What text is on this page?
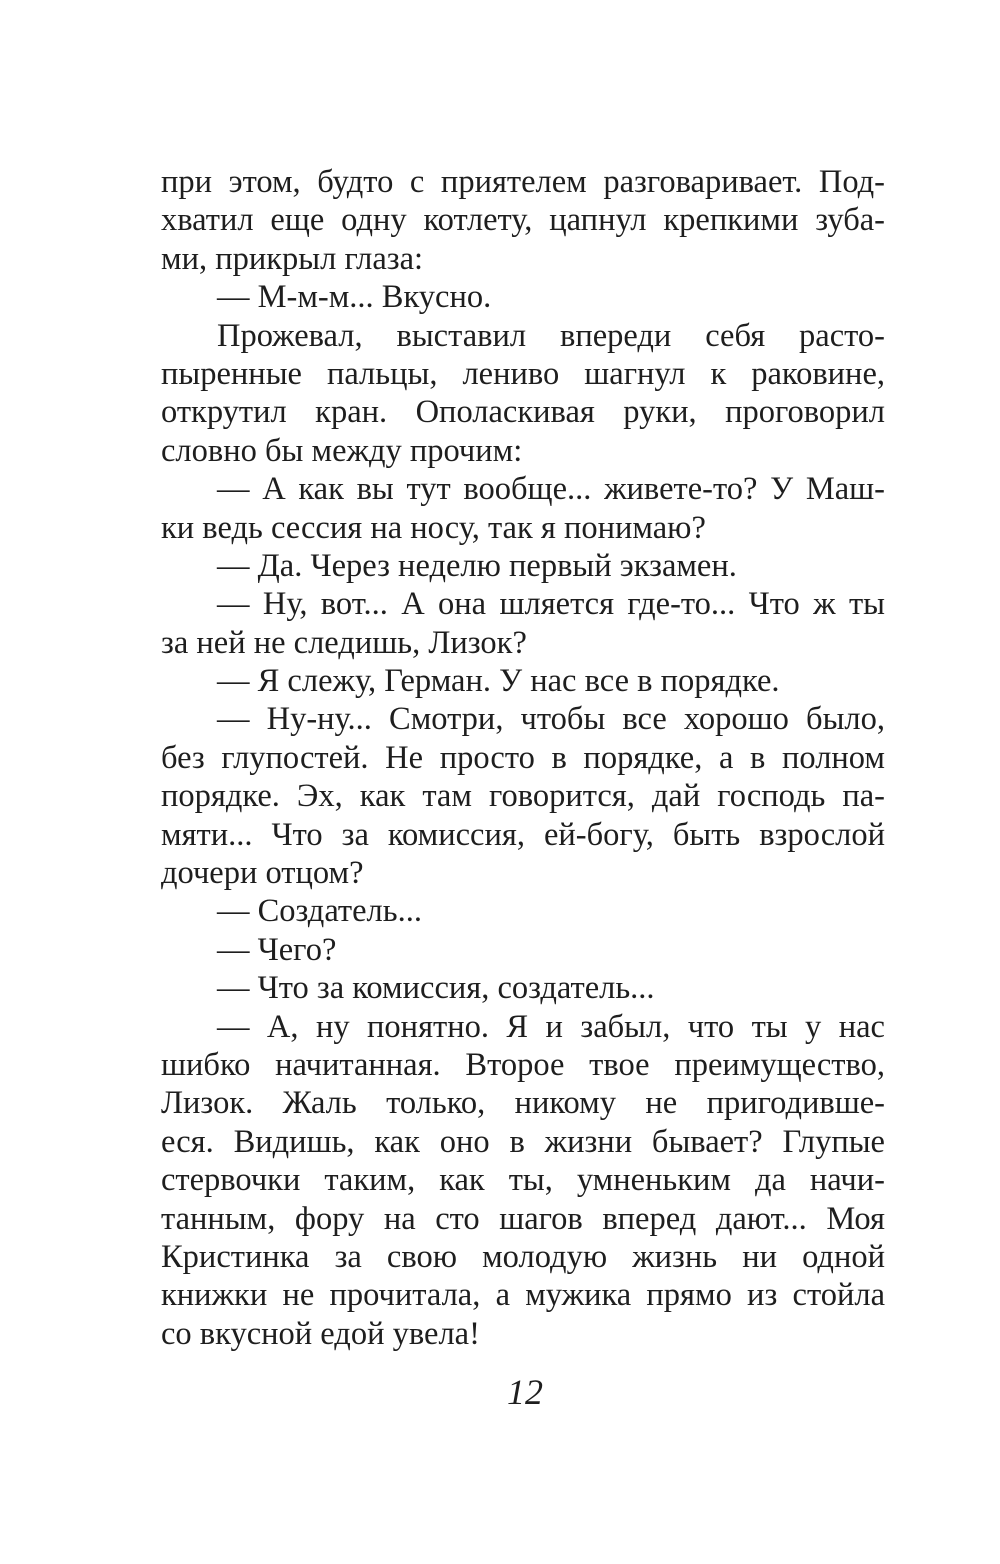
при этом, будто с приятелем разговаривает. Под-
хватил еще одну котлету, цапнул крепкими зуба-
ми, прикрыл глаза:
— М-м-м... Вкусно.
Прожевал, выставил впереди себя расто-
пыренные пальцы, лениво шагнул к раковине,
открутил кран. Ополаскивая руки, проговорил
словно бы между прочим:
— А как вы тут вообще... живете-то? У Маш-
ки ведь сессия на носу, так я понимаю?
— Да. Через неделю первый экзамен.
— Ну, вот... А она шляется где-то... Что ж ты
за ней не следишь, Лизок?
— Я слежу, Герман. У нас все в порядке.
— Ну-ну... Смотри, чтобы все хорошо было,
без глупостей. Не просто в порядке, а в полном
порядке. Эх, как там говорится, дай господь па-
мяти... Что за комиссия, ей-богу, быть взрослой
дочери отцом?
— Создатель...
— Чего?
— Что за комиссия, создатель...
— А, ну понятно. Я и забыл, что ты у нас
шибко начитанная. Второе твое преимущество,
Лизок. Жаль только, никому не пригодивше-
еся. Видишь, как оно в жизни бывает? Глупые
стервочки таким, как ты, умненьким да начи-
танным, фору на сто шагов вперед дают... Моя
Кристинка за свою молодую жизнь ни одной
книжки не прочитала, а мужика прямо из стойла
со вкусной едой увела!
12
